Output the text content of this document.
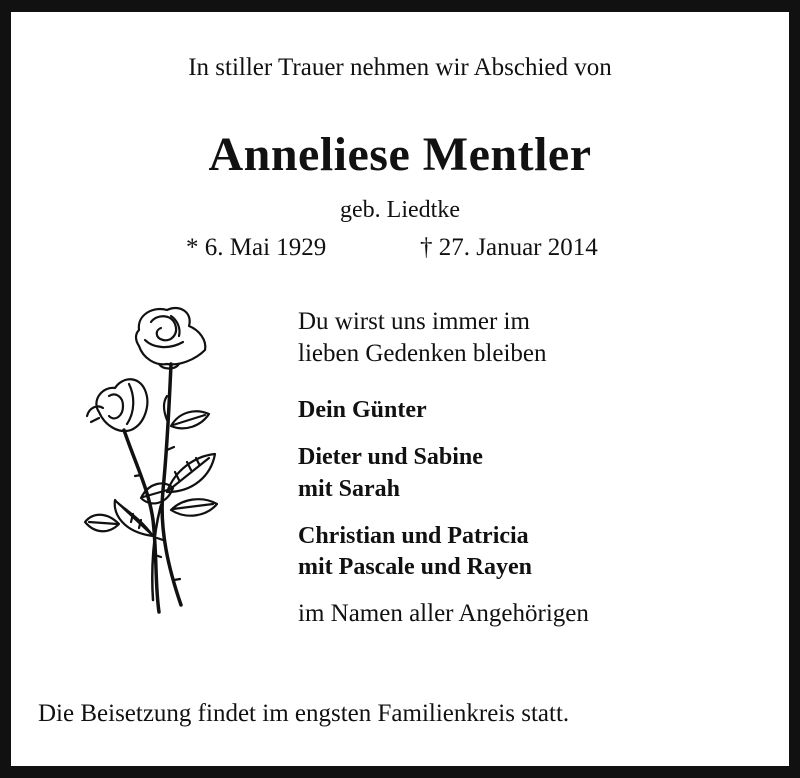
In stiller Trauer nehmen wir Abschied von
Anneliese Mentler
geb. Liedtke
* 6. Mai 1929	† 27. Januar 2014
Du wirst uns immer im
lieben Gedenken bleiben
Dein Günter
Dieter und Sabine
mit Sarah
Christian und Patricia
mit Pascale und Rayen
im Namen aller Angehörigen
Die Beisetzung findet im engsten Familienkreis statt.
